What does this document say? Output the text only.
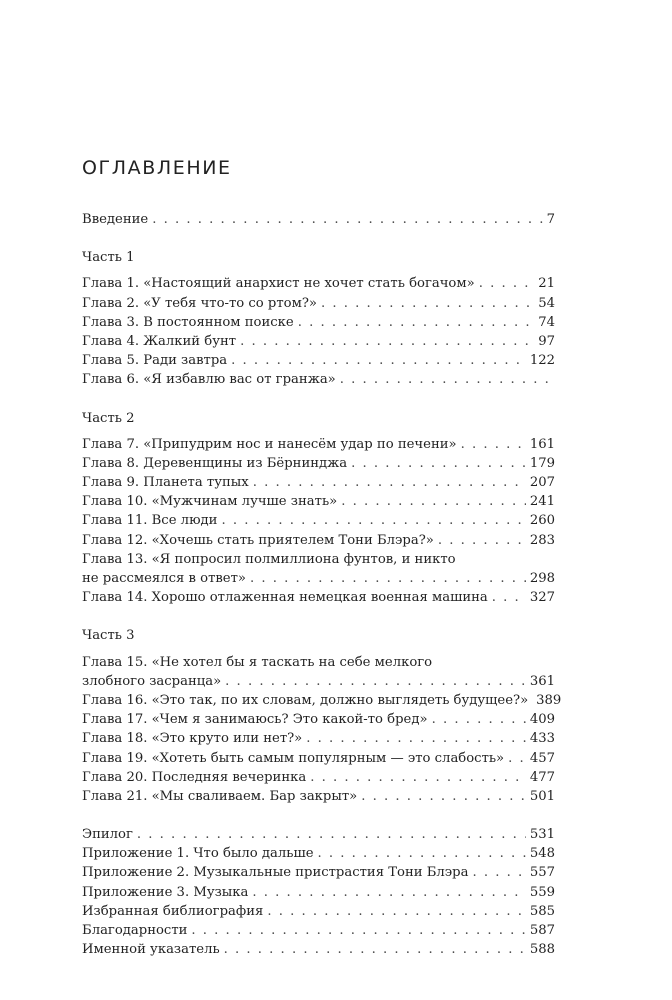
ОГЛАВЛЕНИЕ
Введение . . .	7
Часть 1
Глава 1. «Настоящий анархист не хочет стать богачом» . . .	21
Глава 2. «У тебя что-то со ртом?» . . .	54
Глава 3. В постоянном поиске . . .	74
Глава 4. Жалкий бунт . . .	97
Глава 5. Ради завтра . . .	122
Глава 6. «Я избавлю вас от гранжа»
. . .
Часть 2
Глава 7. «Припудрим нос и нанесём удар по печени» . . .	161
Глава 8. Деревенщины из Бёрнинджа . . .	179
Глава 9. Планета тупых . . .	207
Глава 10. «Мужчинам лучше знать» . . .	241
Глава 11. Все люди . . .	260
Глава 12. «Хочешь стать приятелем Тони Блэра?» . . .	283
Глава 13. «Я попросил полмиллиона фунтов, и никто
не рассмеялся в ответ» . . .	298
Глава 14. Хорошо отлаженная немецкая военная машина . . .	327
Часть 3
Глава 15. «Не хотел бы я таскать на себе мелкого
злобного засранца» . . .	361
Глава 16. «Это так, по их словам, должно выглядеть будущее?» 389
Глава 17. «Чем я занимаюсь? Это какой-то бред» . . .	409
Глава 18. «Это круто или нет?» . . .	433
Глава 19. «Хотеть быть самым популярным — это слабость» . . . 457
Глава 20. Последняя вечеринка . . .	477
Глава 21. «Мы сваливаем. Бар закрыт» . . .	501
Эпилог . . .	531
Приложение 1. Что было дальше . . .	548
Приложение 2. Музыкальные пристрастия Тони Блэра . . .	557
Приложение 3. Музыка . . .	559
Избранная библиография . . .	585
Благодарности . . .	587
Именной указатель . . .	588
